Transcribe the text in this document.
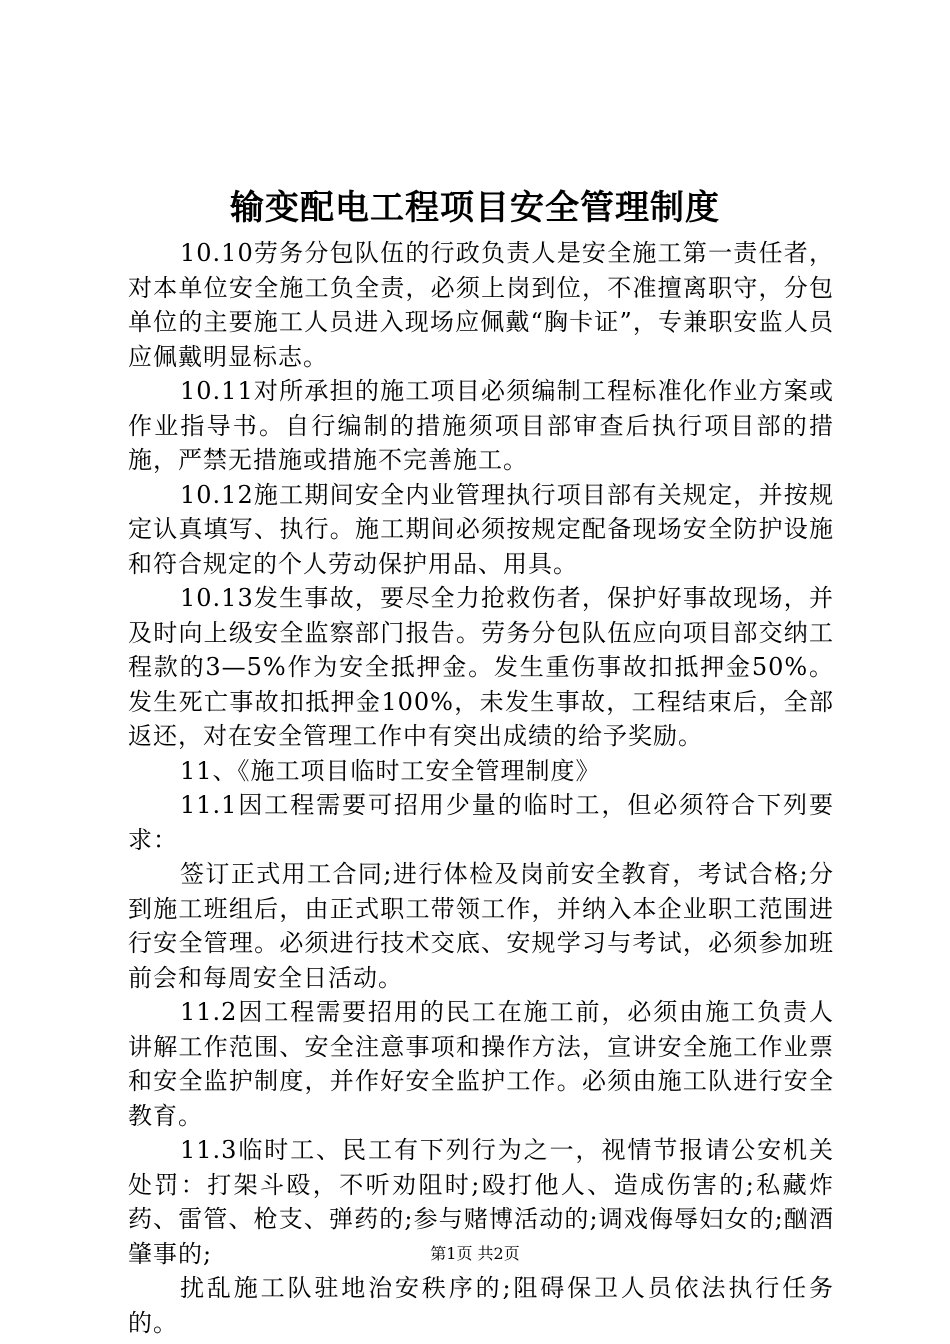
输变配电工程项目安全管理制度

10.10劳务分包队伍的行政负责人是安全施工第一责任者，对本单位安全施工负全责，必须上岗到位，不准擅离职守，分包单位的主要施工人员进入现场应佩戴“胸卡证”，专兼职安监人员应佩戴明显标志。

10.11对所承担的施工项目必须编制工程标准化作业方案或作业指导书。自行编制的措施须项目部审查后执行项目部的措施，严禁无措施或措施不完善施工。

10.12施工期间安全内业管理执行项目部有关规定，并按规定认真填写、执行。施工期间必须按规定配备现场安全防护设施和符合规定的个人劳动保护用品、用具。

10.13发生事故，要尽全力抢救伤者，保护好事故现场，并及时向上级安全监察部门报告。劳务分包队伍应向项目部交纳工程款的3—5%作为安全抵押金。发生重伤事故扣抵押金50%。发生死亡事故扣抵押金100%，未发生事故，工程结束后，全部返还，对在安全管理工作中有突出成绩的给予奖励。

11、《施工项目临时工安全管理制度》

11.1因工程需要可招用少量的临时工，但必须符合下列要求：

签订正式用工合同;进行体检及岗前安全教育，考试合格;分到施工班组后，由正式职工带领工作，并纳入本企业职工范围进行安全管理。必须进行技术交底、安规学习与考试，必须参加班前会和每周安全日活动。

11.2因工程需要招用的民工在施工前，必须由施工负责人讲解工作范围、安全注意事项和操作方法，宣讲安全施工作业票和安全监护制度，并作好安全监护工作。必须由施工队进行安全教育。

11.3临时工、民工有下列行为之一，视情节报请公安机关处罚：打架斗殴，不听劝阻时;殴打他人、造成伤害的;私藏炸药、雷管、枪支、弹药的;参与赌博活动的;调戏侮辱妇女的;酗酒肇事的;

扰乱施工队驻地治安秩序的;阻碍保卫人员依法执行任务的。

第1页 共2页
